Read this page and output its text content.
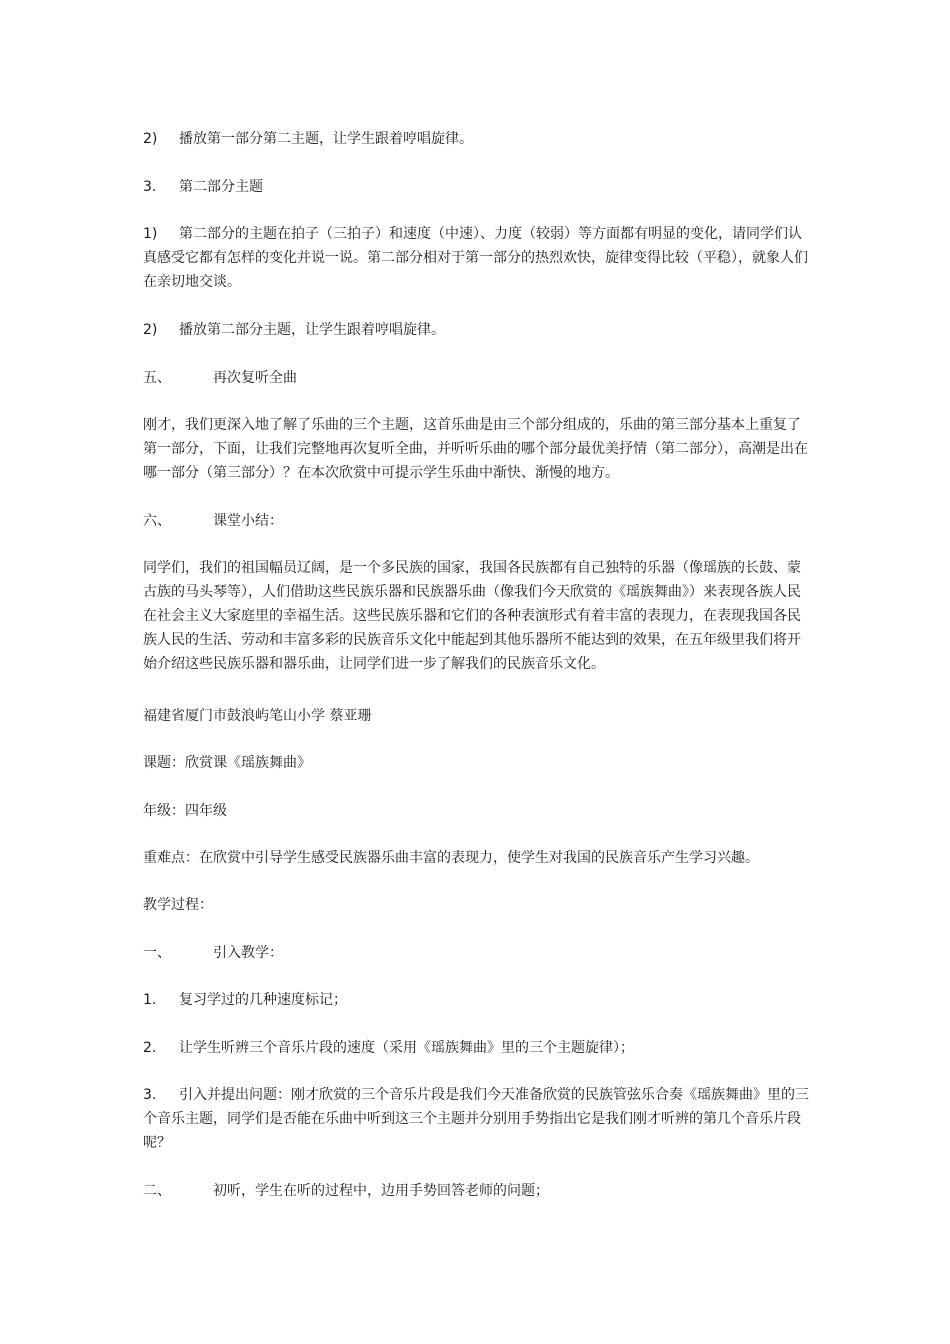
2) 播放第一部分第二主题，让学生跟着哼唱旋律。
3. 第二部分主题
1) 第二部分的主题在拍子（三拍子）和速度（中速）、力度（较弱）等方面都有明显的变化，请同学们认真感受它都有怎样的变化并说一说。第二部分相对于第一部分的热烈欢快，旋律变得比较（平稳），就象人们在亲切地交谈。
2) 播放第二部分主题，让学生跟着哼唱旋律。
五、	再次复听全曲
刚才，我们更深入地了解了乐曲的三个主题，这首乐曲是由三个部分组成的，乐曲的第三部分基本上重复了第一部分，下面，让我们完整地再次复听全曲，并听听乐曲的哪个部分最优美抒情（第二部分），高潮是出在哪一部分（第三部分）？在本次欣赏中可提示学生乐曲中渐快、渐慢的地方。
六、	课堂小结：
同学们，我们的祖国幅员辽阔，是一个多民族的国家，我国各民族都有自己独特的乐器（像瑶族的长鼓、蒙古族的马头琴等），人们借助这些民族乐器和民族器乐曲（像我们今天欣赏的《瑶族舞曲》）来表现各族人民在社会主义大家庭里的幸福生活。这些民族乐器和它们的各种表演形式有着丰富的表现力，在表现我国各民族人民的生活、劳动和丰富多彩的民族音乐文化中能起到其他乐器所不能达到的效果，在五年级里我们将开始介绍这些民族乐器和器乐曲，让同学们进一步了解我们的民族音乐文化。
福建省厦门市鼓浪屿笔山小学 蔡亚珊
课题：欣赏课《瑶族舞曲》
年级：四年级
重难点：在欣赏中引导学生感受民族器乐曲丰富的表现力，使学生对我国的民族音乐产生学习兴趣。
教学过程：
一、	引入教学：
1. 复习学过的几种速度标记；
2. 让学生听辨三个音乐片段的速度（采用《瑶族舞曲》里的三个主题旋律）；
3. 引入并提出问题：刚才欣赏的三个音乐片段是我们今天准备欣赏的民族管弦乐合奏《瑶族舞曲》里的三个音乐主题，同学们是否能在乐曲中听到这三个主题并分别用手势指出它是我们刚才听辨的第几个音乐片段呢？
二、	初听，学生在听的过程中，边用手势回答老师的问题；
